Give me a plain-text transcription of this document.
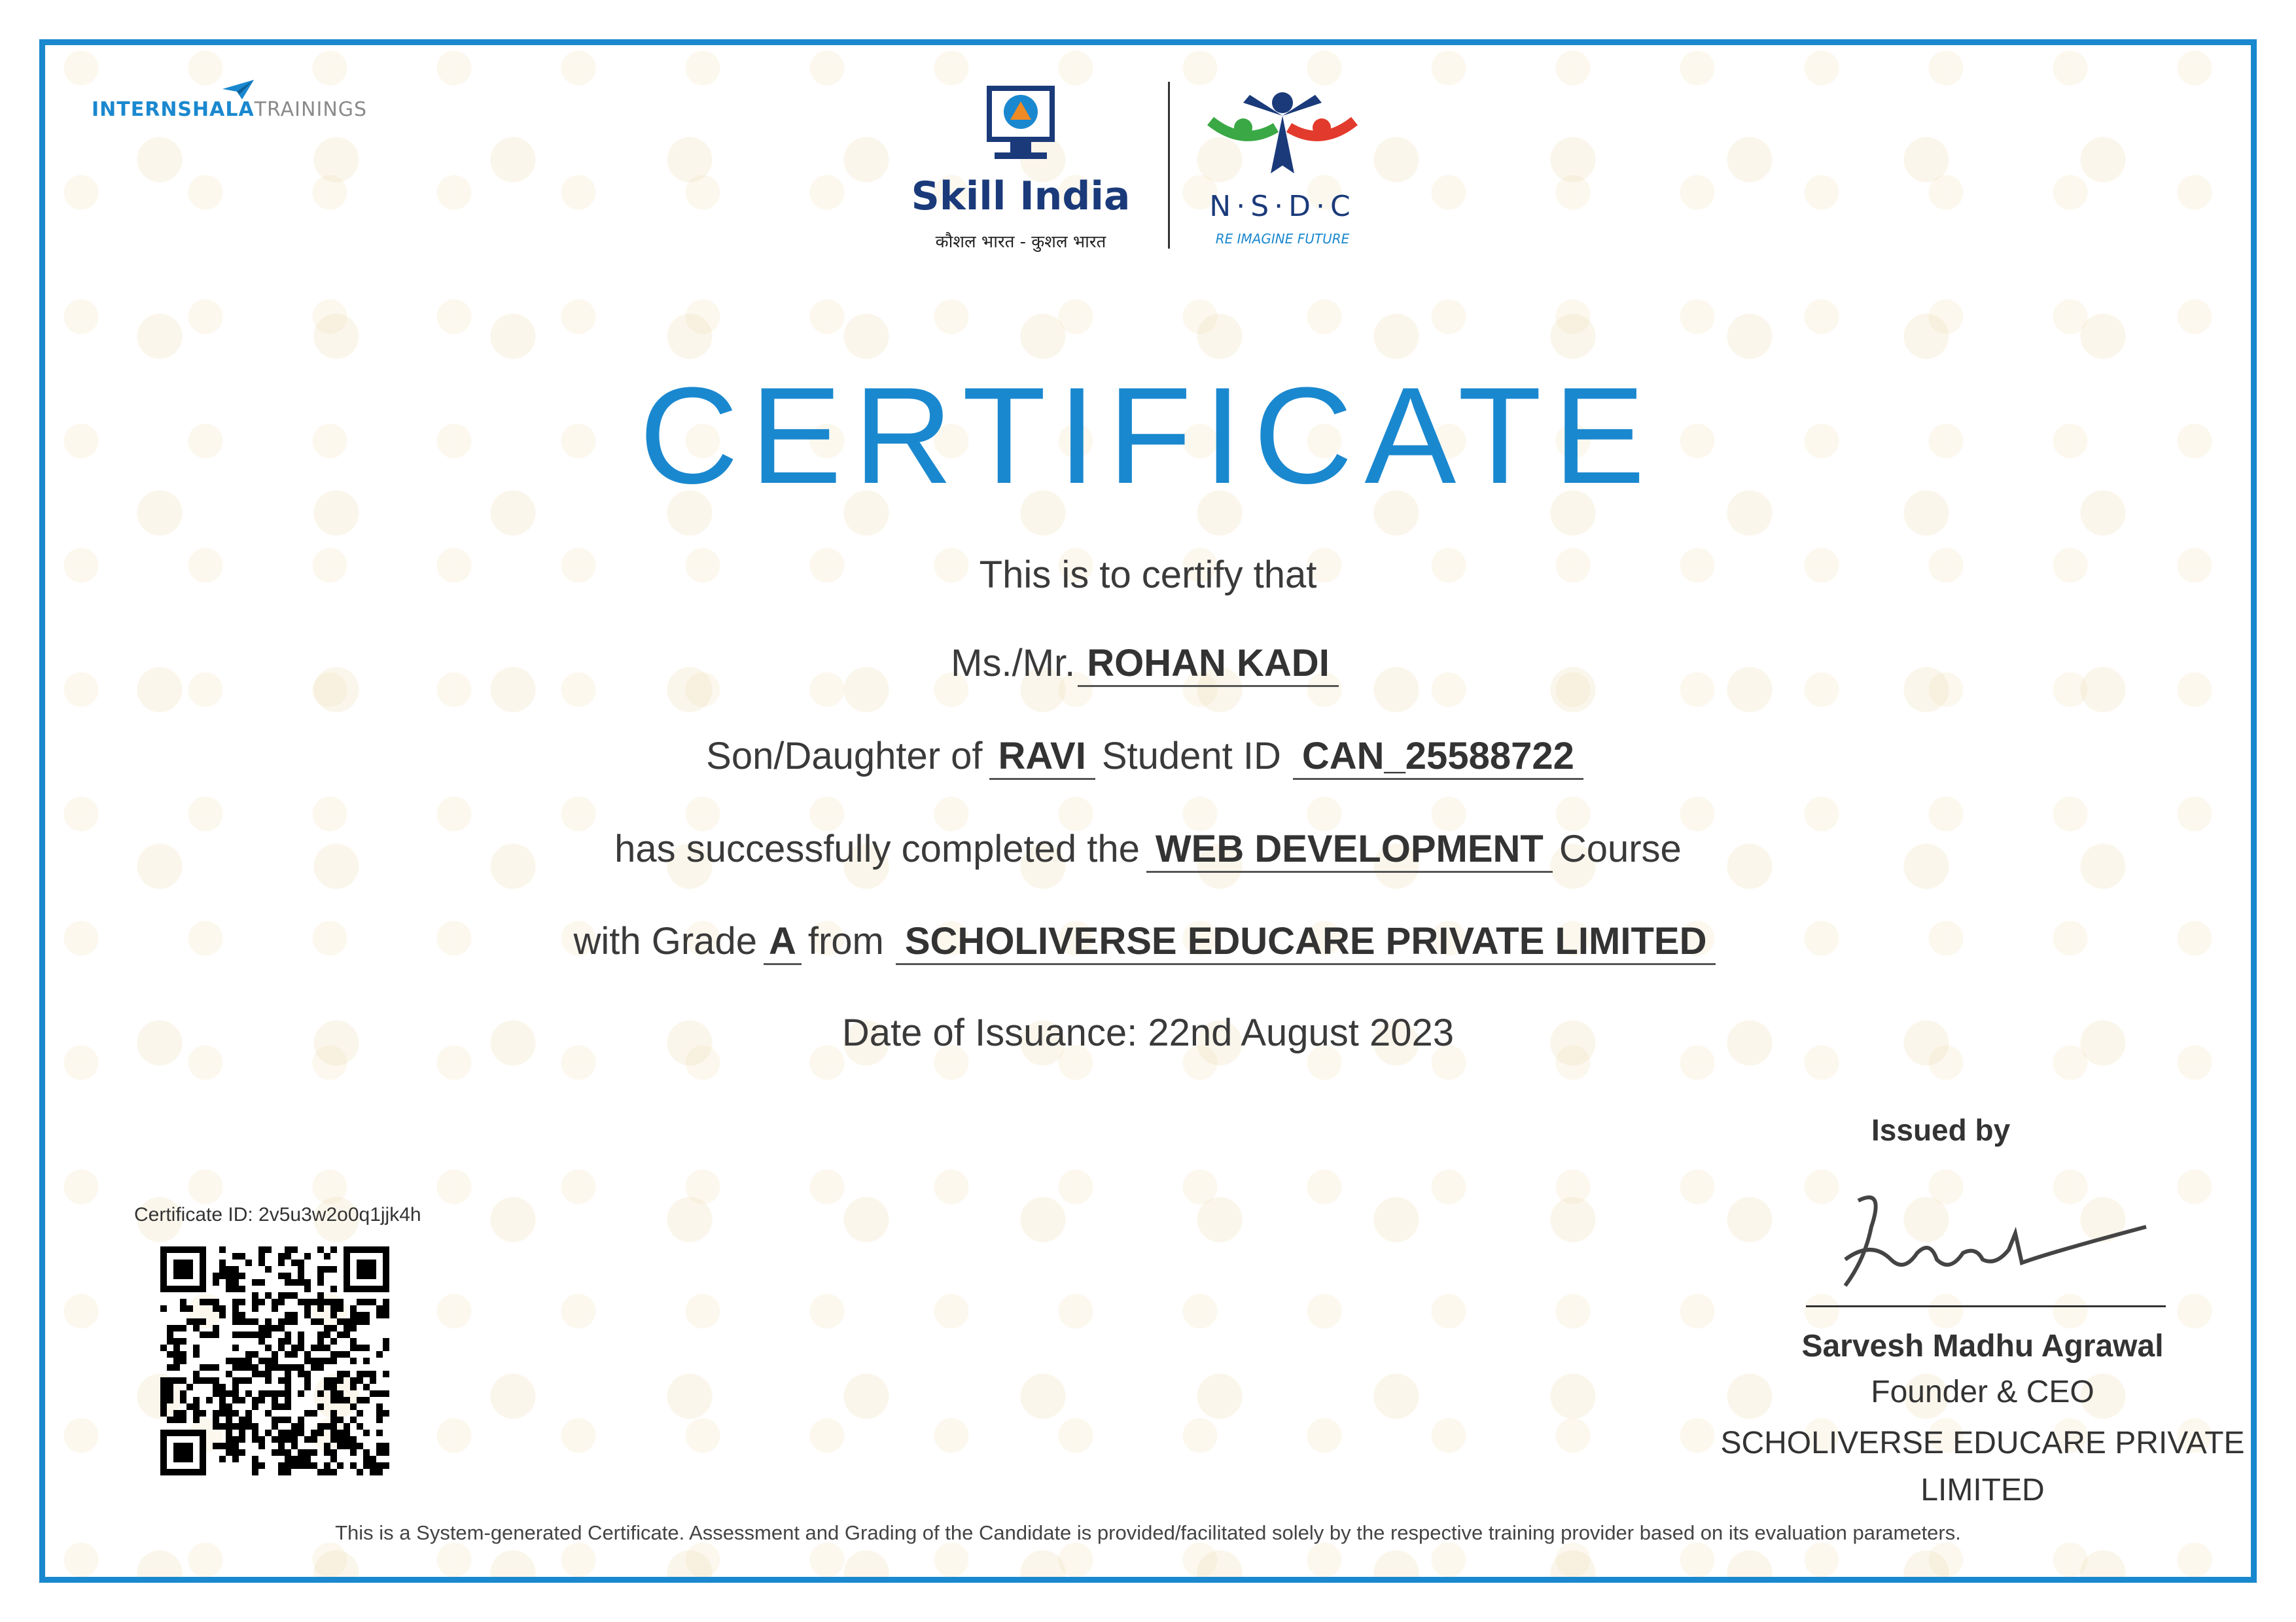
INTERNSHALA TRAININGS
Skill India
कौशल भारत - कुशल भारत
N·S·D·C
RE IMAGINE FUTURE
CERTIFICATE
This is to certify that
Ms./Mr. ROHAN KADI
Son/Daughter of RAVI Student ID CAN_25588722
has successfully completed the WEB DEVELOPMENT Course
with Grade A from SCHOLIVERSE EDUCARE PRIVATE LIMITED
Date of Issuance: 22nd August 2023
Issued by
Sarvesh Madhu Agrawal
Founder & CEO
SCHOLIVERSE EDUCARE PRIVATE
LIMITED
Certificate ID: 2v5u3w2o0q1jjk4h
This is a System-generated Certificate. Assessment and Grading of the Candidate is provided/facilitated solely by the respective training provider based on its evaluation parameters.
